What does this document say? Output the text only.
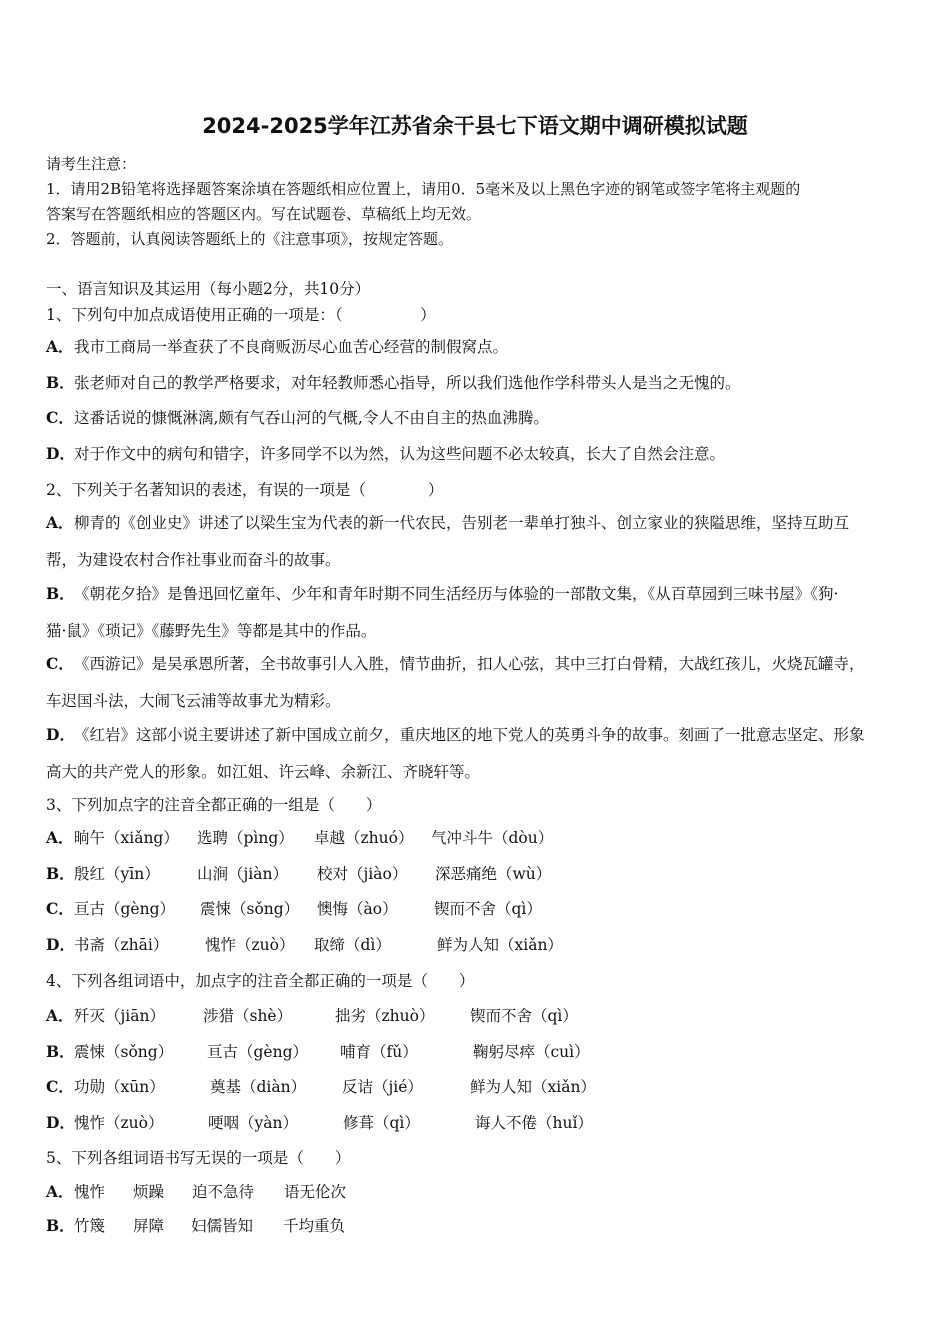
2024-2025学年江苏省余干县七下语文期中调研模拟试题
请考生注意：
1．请用2B铅笔将选择题答案涂填在答题纸相应位置上，请用0．5毫米及以上黑色字迹的钢笔或签字笔将主观题的
答案写在答题纸相应的答题区内。写在试题卷、草稿纸上均无效。
2．答题前，认真阅读答题纸上的《注意事项》，按规定答题。
一、语言知识及其运用（每小题2分，共10分）
1、下列句中加点成语使用正确的一项是：（　　　　　）
A．我市工商局一举查获了不良商贩沥尽心血苦心经营的制假窝点。
B．张老师对自己的教学严格要求，对年轻教师悉心指导，所以我们选他作学科带头人是当之无愧的。
C．这番话说的慷慨淋漓,颇有气吞山河的气概,令人不由自主的热血沸腾。
D．对于作文中的病句和错字，许多同学不以为然，认为这些问题不必太较真，长大了自然会注意。
2、下列关于名著知识的表述，有误的一项是（　　　　）
A．柳青的《创业史》讲述了以梁生宝为代表的新一代农民，告别老一辈单打独斗、创立家业的狭隘思维，坚持互助互
帮，为建设农村合作社事业而奋斗的故事。
B．《朝花夕拾》是鲁迅回忆童年、少年和青年时期不同生活经历与体验的一部散文集，《从百草园到三味书屋》《狗·
猫·鼠》《琐记》《藤野先生》等都是其中的作品。
C．《西游记》是吴承恩所著，全书故事引人入胜，情节曲折，扣人心弦，其中三打白骨精，大战红孩儿，火烧瓦罐寺，
车迟国斗法，大闹飞云浦等故事尤为精彩。
D．《红岩》这部小说主要讲述了新中国成立前夕，重庆地区的地下党人的英勇斗争的故事。刻画了一批意志坚定、形象
高大的共产党人的形象。如江姐、许云峰、余新江、齐晓轩等。
3、下列加点字的注音全都正确的一组是（　　）
A． 晌午（xiǎng） 选聘（pìng） 卓越（zhuó） 气冲斗牛（dòu）
B． 殷红（yīn） 山涧（jiàn） 校对（jiào） 深恶痛绝（wù）
C． 亘古（gèng） 震悚（sǒng） 懊悔（ào） 锲而不舍（qì）
D． 书斋（zhāi） 愧怍（zuò） 取缔（dì）	鲜为人知（xiǎn）
4、下列各组词语中，加点字的注音全都正确的一项是（　　）
A． 歼灭（jiān） 涉猎（shè）	拙劣（zhuò） 锲而不舍（qì）
B． 震悚（sǒng） 亘古（gèng） 哺育（fǔ）	鞠躬尽瘁（cuì）
C． 功勋（xūn）	奠基（diàn） 反诘（jié）	鲜为人知（xiǎn）
D． 愧怍（zuò）	哽咽（yàn）	修葺（qì）	诲人不倦（huǐ）
5、下列各组词语书写无误的一项是（　　）
A． 愧怍 烦躁 迫不急待 语无伦次
B． 竹篾 屏障 妇儒皆知 千均重负
